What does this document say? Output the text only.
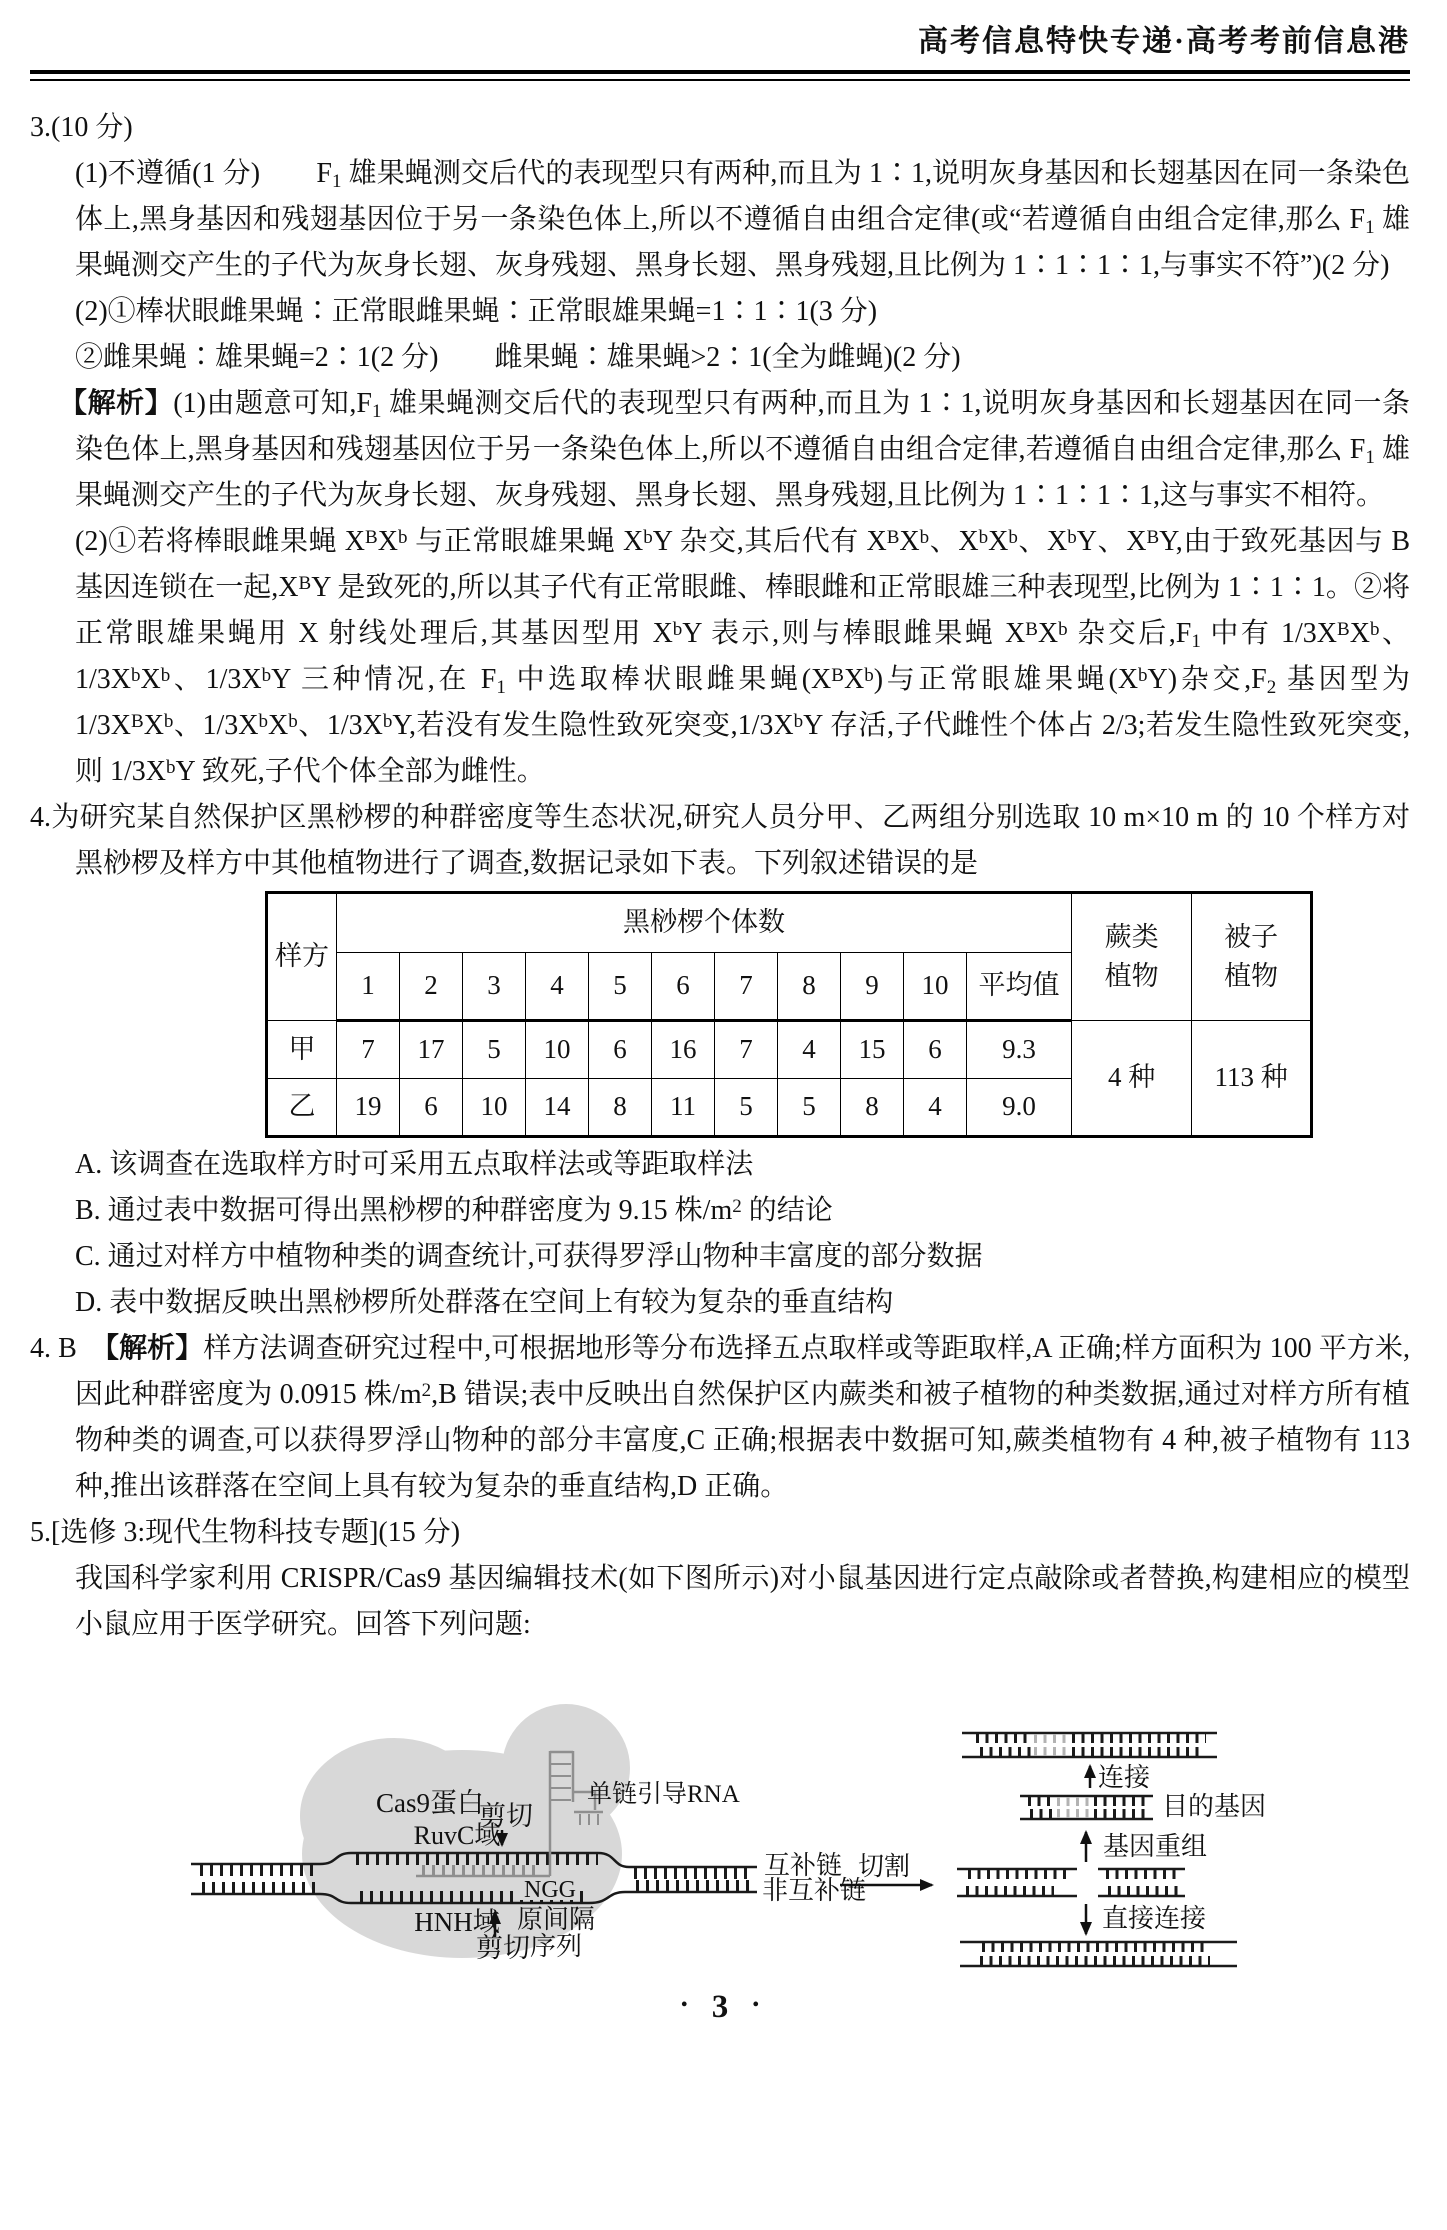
高考信息特快专递·高考考前信息港

3.(10 分)

(1)不遵循(1 分)　　$F_1$ 雄果蝇测交后代的表现型只有两种,而且为 1∶1,说明灰身基因和长翅基因在同一条染色体上,黑身基因和残翅基因位于另一条染色体上,所以不遵循自由组合定律(或“若遵循自由组合定律,那么 $F_1$ 雄果蝇测交产生的子代为灰身长翅、灰身残翅、黑身长翅、黑身残翅,且比例为 1∶1∶1∶1,与事实不符”)(2 分)

(2)①棒状眼雌果蝇∶正常眼雌果蝇∶正常眼雄果蝇=1∶1∶1(3 分)

②雌果蝇∶雄果蝇=2∶1(2 分)　　雌果蝇∶雄果蝇>2∶1(全为雌蝇)(2 分)

【解析】(1)由题意可知$,F_1$ 雄果蝇测交后代的表现型只有两种,而且为 1∶1,说明灰身基因和长翅基因在同一条染色体上,黑身基因和残翅基因位于另一条染色体上,所以不遵循自由组合定律,若遵循自由组合定律,那么 $F_1$ 雄果蝇测交产生的子代为灰身长翅、灰身残翅、黑身长翅、黑身残翅,且比例为 1∶1∶1∶1,这与事实不相符。

(2)①若将棒眼雌果蝇 $X^BX^b$ 与正常眼雄果蝇 $X^bY$ 杂交,其后代有 $X^BX^b$、$X^bX^b$、$X^bY$、$X^BY$,由于致死基因与 B 基因连锁在一起$,X^BY$ 是致死的,所以其子代有正常眼雌、棒眼雌和正常眼雄三种表现型,比例为 1∶1∶1。②将正常眼雄果蝇用 X 射线处理后,其基因型用 $X^bY$ 表示,则与棒眼雌果蝇 $X^BX^b$ 杂交后$,F_1$ 中有 $1/3X^BX^b$、$1/3X^bX^b$、$1/3X^bY$ 三种情况,在 $F_1$ 中选取棒状眼雌果蝇$(X^BX^b)$与正常眼雄果蝇$(X^bY)$杂交$,F_2$ 基因型为 $1/3X^BX^b$、$1/3X^bX^b$、$1/3X^bY$,若没有发生隐性致死突变$,1/3X^bY$ 存活,子代雌性个体占 2/3;若发生隐性致死突变,则 $1/3X^bY$ 致死,子代个体全部为雌性。

4.为研究某自然保护区黑桫椤的种群密度等生态状况,研究人员分甲、乙两组分别选取 10 m×10 m 的 10 个样方对黑桫椤及样方中其他植物进行了调查,数据记录如下表。下列叙述错误的是

样方	黑桫椤个体数											蕨类植物	被子植物
	1	2	3	4	5	6	7	8	9	10	平均值		
甲	7	17	5	10	6	16	7	4	15	6	9.3	4 种	113 种
乙	19	6	10	14	8	11	5	5	8	4	9.0		

A. 该调查在选取样方时可采用五点取样法或等距取样法

B. 通过表中数据可得出黑桫椤的种群密度为 9.15 株$/m^2$ 的结论

C. 通过对样方中植物种类的调查统计,可获得罗浮山物种丰富度的部分数据

D. 表中数据反映出黑桫椤所处群落在空间上有较为复杂的垂直结构

4. B　【解析】样方法调查研究过程中,可根据地形等分布选择五点取样或等距取样,A 正确;样方面积为 100 平方米,因此种群密度为 0.0915 株$/m^2,B$ 错误;表中反映出自然保护区内蕨类和被子植物的种类数据,通过对样方所有植物种类的调查,可以获得罗浮山物种的部分丰富度,C 正确;根据表中数据可知,蕨类植物有 4 种,被子植物有 113 种,推出该群落在空间上具有较为复杂的垂直结构,D 正确。

5.[选修 3:现代生物科技专题](15 分)

我国科学家利用 CRISPR/Cas9 基因编辑技术(如下图所示)对小鼠基因进行定点敲除或者替换,构建相应的模型小鼠应用于医学研究。回答下列问题:

NGG
Cas9蛋白
剪切
RuvC域
单链引导RNA
HNH域
剪切
原间隔
序列
互补链
非互补链
切割
连接
目的基因
基因重组
直接连接
• 3 •
